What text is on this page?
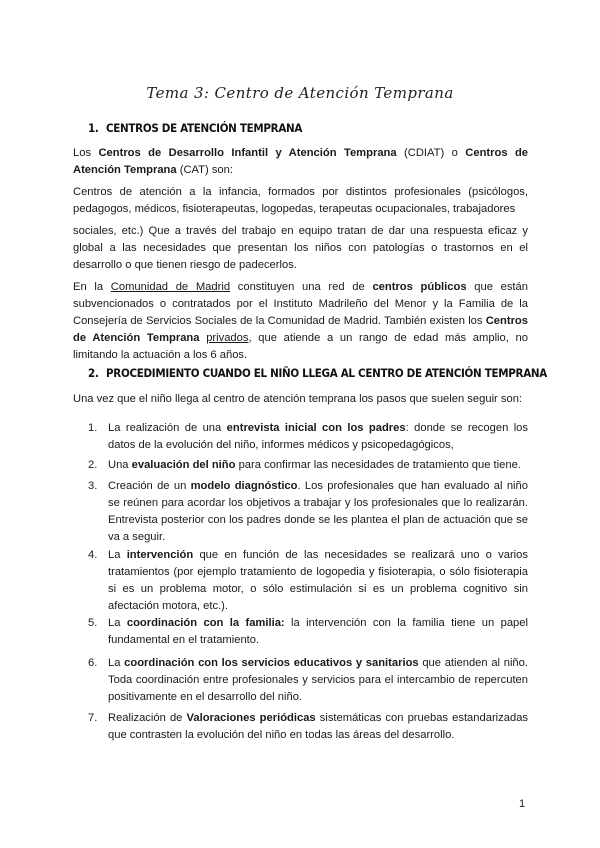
Tema 3: Centro de Atención Temprana
1. CENTROS DE ATENCIÓN TEMPRANA

Los Centros de Desarrollo Infantil y Atención Temprana (CDIAT) o Centros de Atención Temprana (CAT) son:

Centros de atención a la infancia, formados por distintos profesionales (psicólogos, pedagogos, médicos, fisioterapeutas, logopedas, terapeutas ocupacionales, trabajadores

sociales, etc.) Que a través del trabajo en equipo tratan de dar una respuesta eficaz y global a las necesidades que presentan los niños con patologías o trastornos en el desarrollo o que tienen riesgo de padecerlos.

En la Comunidad de Madrid constituyen una red de centros públicos que están subvencionados o contratados por el Instituto Madrileño del Menor y la Familia de la Consejería de Servicios Sociales de la Comunidad de Madrid. También existen los Centros de Atención Temprana privados, que atiende a un rango de edad más amplio, no limitando la actuación a los 6 años.

2. PROCEDIMIENTO CUANDO EL NIÑO LLEGA AL CENTRO DE ATENCIÓN TEMPRANA

Una vez que el niño llega al centro de atención temprana los pasos que suelen seguir son:

1. La realización de una entrevista inicial con los padres: donde se recogen los datos de la evolución del niño, informes médicos y psicopedagógicos,

2. Una evaluación del niño para confirmar las necesidades de tratamiento que tiene.

3. Creación de un modelo diagnóstico. Los profesionales que han evaluado al niño se reúnen para acordar los objetivos a trabajar y los profesionales que lo realizarán. Entrevista posterior con los padres donde se les plantea el plan de actuación que se va a seguir.

4. La intervención que en función de las necesidades se realizará uno o varios tratamientos (por ejemplo tratamiento de logopedia y fisioterapia, o sólo fisioterapia si es un problema motor, o sólo estimulación si es un problema cognitivo sin afectación motora, etc.).

5. La coordinación con la familia: la intervención con la familia tiene un papel fundamental en el tratamiento.

6. La coordinación con los servicios educativos y sanitarios que atienden al niño. Toda coordinación entre profesionales y servicios para el intercambio de repercuten positivamente en el desarrollo del niño.

7. Realización de Valoraciones periódicas sistemáticas con pruebas estandarizadas que contrasten la evolución del niño en todas las áreas del desarrollo.

1
